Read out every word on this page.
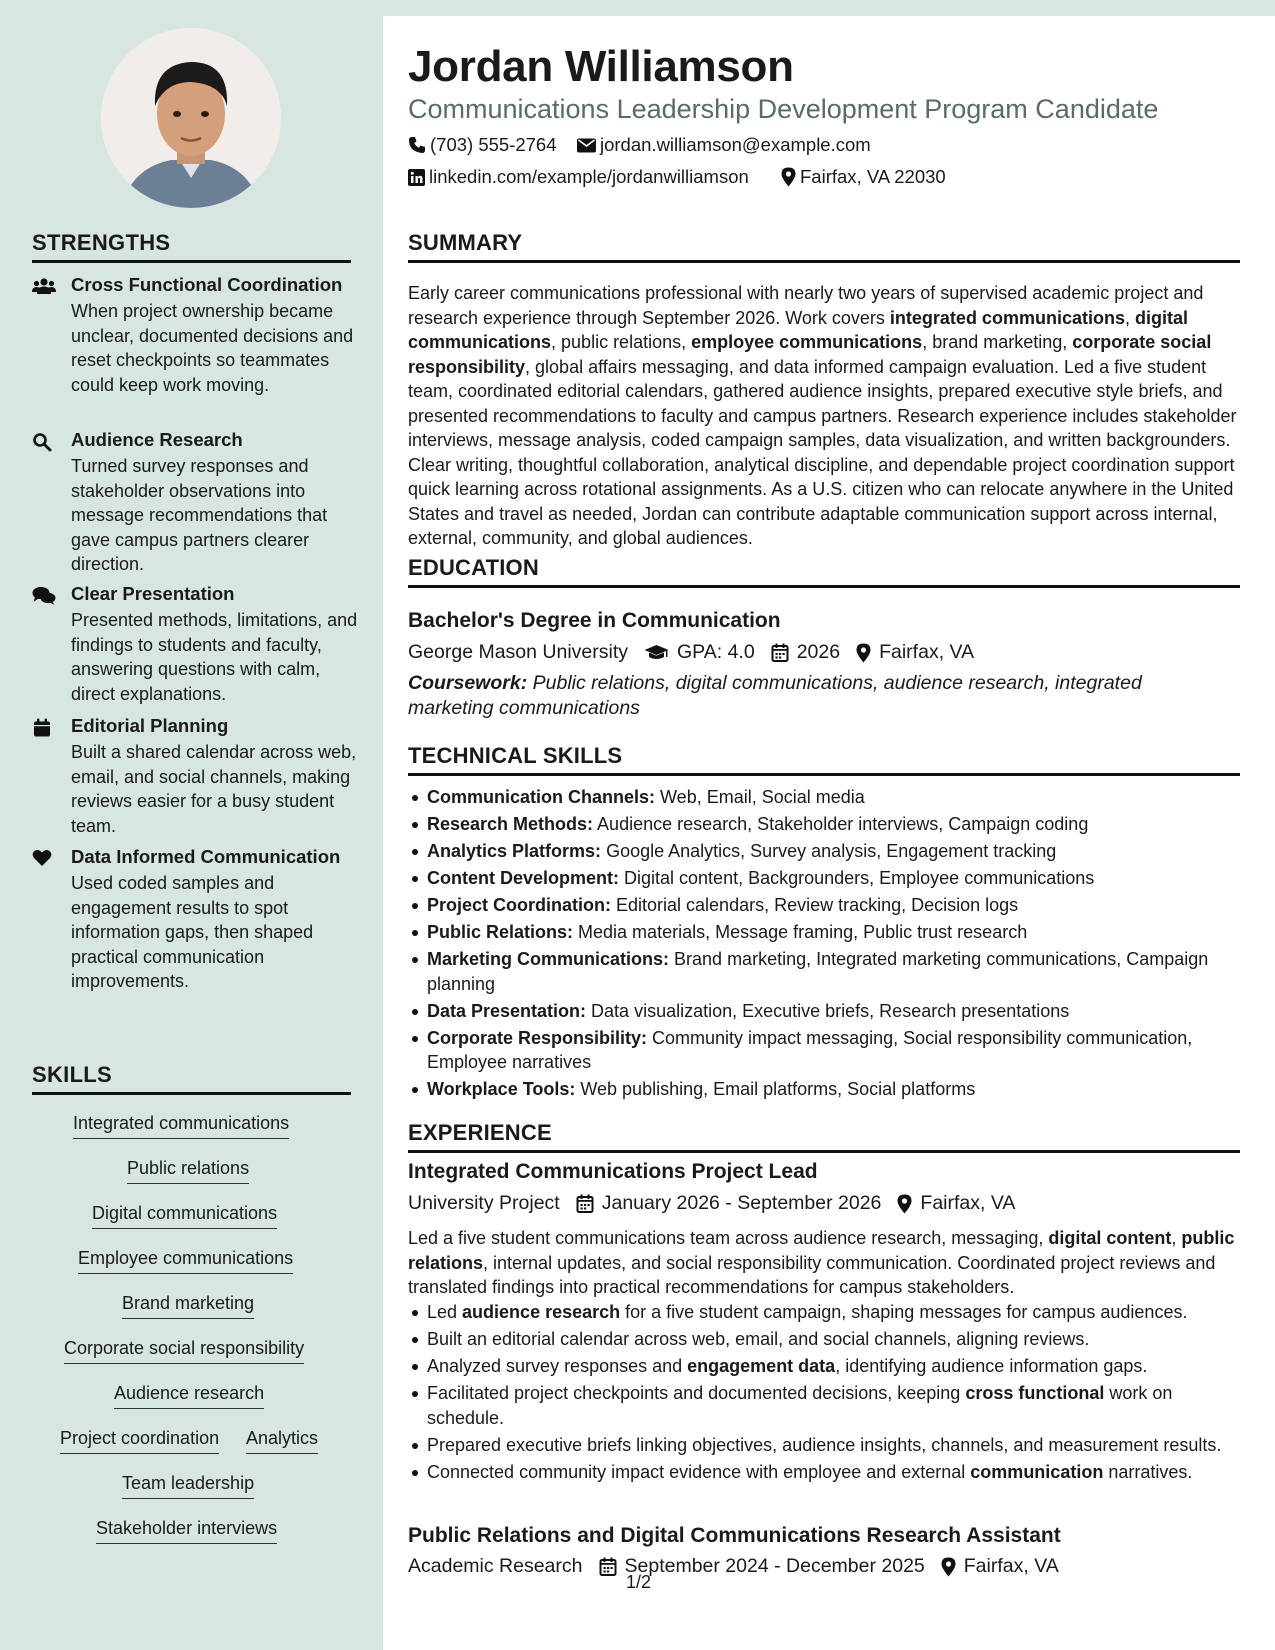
STRENGTHS
Cross Functional Coordination
When project ownership became unclear, documented decisions and reset checkpoints so teammates could keep work moving.
Audience Research
Turned survey responses and stakeholder observations into message recommendations that gave campus partners clearer direction.
Clear Presentation
Presented methods, limitations, and findings to students and faculty, answering questions with calm, direct explanations.
Editorial Planning
Built a shared calendar across web, email, and social channels, making reviews easier for a busy student team.
Data Informed Communication
Used coded samples and engagement results to spot information gaps, then shaped practical communication improvements.
SKILLS
Integrated communications
Public relations
Digital communications
Employee communications
Brand marketing
Corporate social responsibility
Audience research
Project coordination Analytics
Team leadership
Stakeholder interviews
Jordan Williamson
Communications Leadership Development Program Candidate
(703) 555-2764 jordan.williamson@example.com
linkedin.com/example/jordanwilliamson	Fairfax, VA 22030
SUMMARY
Early career communications professional with nearly two years of supervised academic project and research experience through September 2026. Work covers integrated communications, digital communications, public relations, employee communications, brand marketing, corporate social responsibility, global affairs messaging, and data informed campaign evaluation. Led a five student team, coordinated editorial calendars, gathered audience insights, prepared executive style briefs, and presented recommendations to faculty and campus partners. Research experience includes stakeholder interviews, message analysis, coded campaign samples, data visualization, and written backgrounders. Clear writing, thoughtful collaboration, analytical discipline, and dependable project coordination support quick learning across rotational assignments. As a U.S. citizen who can relocate anywhere in the United States and travel as needed, Jordan can contribute adaptable communication support across internal, external, community, and global audiences.
EDUCATION
Bachelor's Degree in Communication
George Mason University	GPA: 4.0 2026 Fairfax, VA
Coursework: Public relations, digital communications, audience research, integrated marketing communications
TECHNICAL SKILLS
Communication Channels: Web, Email, Social media
Research Methods: Audience research, Stakeholder interviews, Campaign coding
Analytics Platforms: Google Analytics, Survey analysis, Engagement tracking
Content Development: Digital content, Backgrounders, Employee communications
Project Coordination: Editorial calendars, Review tracking, Decision logs
Public Relations: Media materials, Message framing, Public trust research
Marketing Communications: Brand marketing, Integrated marketing communications, Campaign planning
Data Presentation: Data visualization, Executive briefs, Research presentations
Corporate Responsibility: Community impact messaging, Social responsibility communication, Employee narratives
Workplace Tools: Web publishing, Email platforms, Social platforms
EXPERIENCE
Integrated Communications Project Lead
University Project January 2026 - September 2026 Fairfax, VA
Led a five student communications team across audience research, messaging, digital content, public relations, internal updates, and social responsibility communication. Coordinated project reviews and translated findings into practical recommendations for campus stakeholders.
Led audience research for a five student campaign, shaping messages for campus audiences.
Built an editorial calendar across web, email, and social channels, aligning reviews.
Analyzed survey responses and engagement data, identifying audience information gaps.
Facilitated project checkpoints and documented decisions, keeping cross functional work on schedule.
Prepared executive briefs linking objectives, audience insights, channels, and measurement results.
Connected community impact evidence with employee and external communication narratives.
Public Relations and Digital Communications Research Assistant
Academic Research September 2024 - December 2025 Fairfax, VA
1/2
